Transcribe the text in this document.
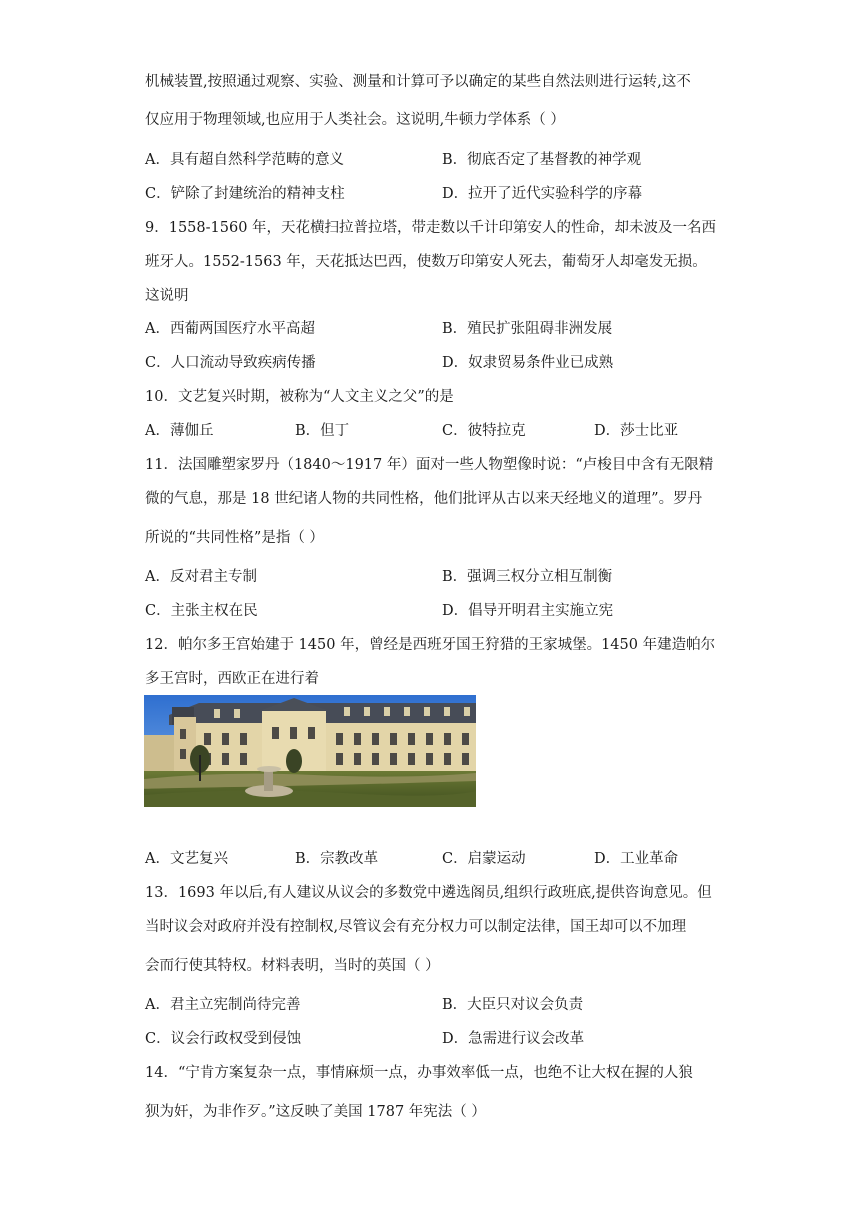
机械装置,按照通过观察、实验、测量和计算可予以确定的某些自然法则进行运转,这不
仅应用于物理领域,也应用于人类社会。这说明,牛顿力学体系（ ）
A．具有超自然科学范畴的意义	B．彻底否定了基督教的神学观
C．铲除了封建统治的精神支柱	D．拉开了近代实验科学的序幕
9．1558-1560 年，天花横扫拉普拉塔，带走数以千计印第安人的性命，却未波及一名西
班牙人。1552-1563 年，天花抵达巴西，使数万印第安人死去，葡萄牙人却毫发无损。
这说明
A．西葡两国医疗水平高超	B．殖民扩张阻碍非洲发展
C．人口流动导致疾病传播	D．奴隶贸易条件业已成熟
10．文艺复兴时期，被称为“人文主义之父”的是
A．薄伽丘	B．但丁	C．彼特拉克	D．莎士比亚
11．法国雕塑家罗丹（1840～1917 年）面对一些人物塑像时说：“卢梭目中含有无限精
微的气息，那是 18 世纪诸人物的共同性格，他们批评从古以来天经地义的道理”。罗丹
所说的“共同性格”是指（ ）
A．反对君主专制	B．强调三权分立相互制衡
C．主张主权在民	D．倡导开明君主实施立宪
12．帕尔多王宫始建于 1450 年，曾经是西班牙国王狩猎的王家城堡。1450 年建造帕尔
多王宫时，西欧正在进行着
A．文艺复兴	B．宗教改革	C．启蒙运动	D．工业革命
13．1693 年以后,有人建议从议会的多数党中遴选阁员,组织行政班底,提供咨询意见。但
当时议会对政府并没有控制权,尽管议会有充分权力可以制定法律，国王却可以不加理
会而行使其特权。材料表明，当时的英国（ ）
A．君主立宪制尚待完善	B．大臣只对议会负责
C．议会行政权受到侵蚀	D．急需进行议会改革
14．“宁肯方案复杂一点，事情麻烦一点，办事效率低一点，也绝不让大权在握的人狼
狈为奸，为非作歹。”这反映了美国 1787 年宪法（ ）
